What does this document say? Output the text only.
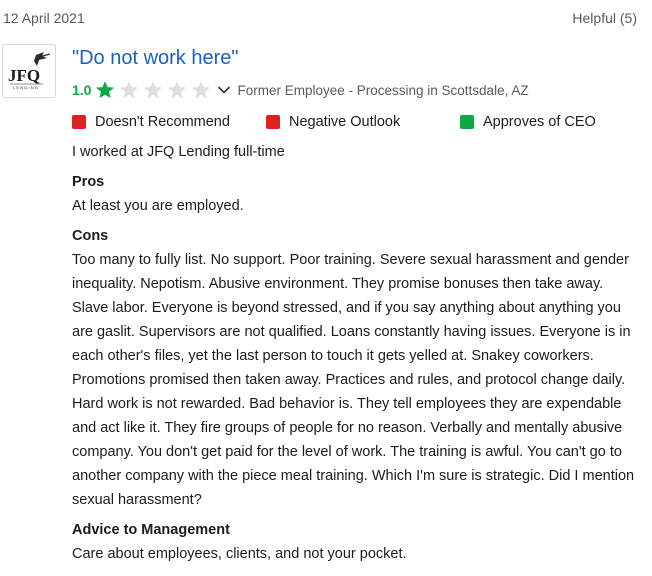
12 April 2021	Helpful (5)
JFQ
LENDING
"Do not work here"
1.0	Former Employee - Processing in Scottsdale, AZ
Doesn't Recommend	Negative Outlook	Approves of CEO
I worked at JFQ Lending full-time
Pros

At least you are employed.

Cons

Too many to fully list. No support. Poor training. Severe sexual harassment and gender inequality. Nepotism. Abusive environment. They promise bonuses then take away. Slave labor. Everyone is beyond stressed, and if you say anything about anything you are gaslit. Supervisors are not qualified. Loans constantly having issues. Everyone is in each other's files, yet the last person to touch it gets yelled at. Snakey coworkers. Promotions promised then taken away. Practices and rules, and protocol change daily. Hard work is not rewarded. Bad behavior is. They tell employees they are expendable and act like it. They fire groups of people for no reason. Verbally and mentally abusive company. You don't get paid for the level of work. The training is awful. You can't go to another company with the piece meal training. Which I'm sure is strategic. Did I mention sexual harassment?

Advice to Management

Care about employees, clients, and not your pocket.
